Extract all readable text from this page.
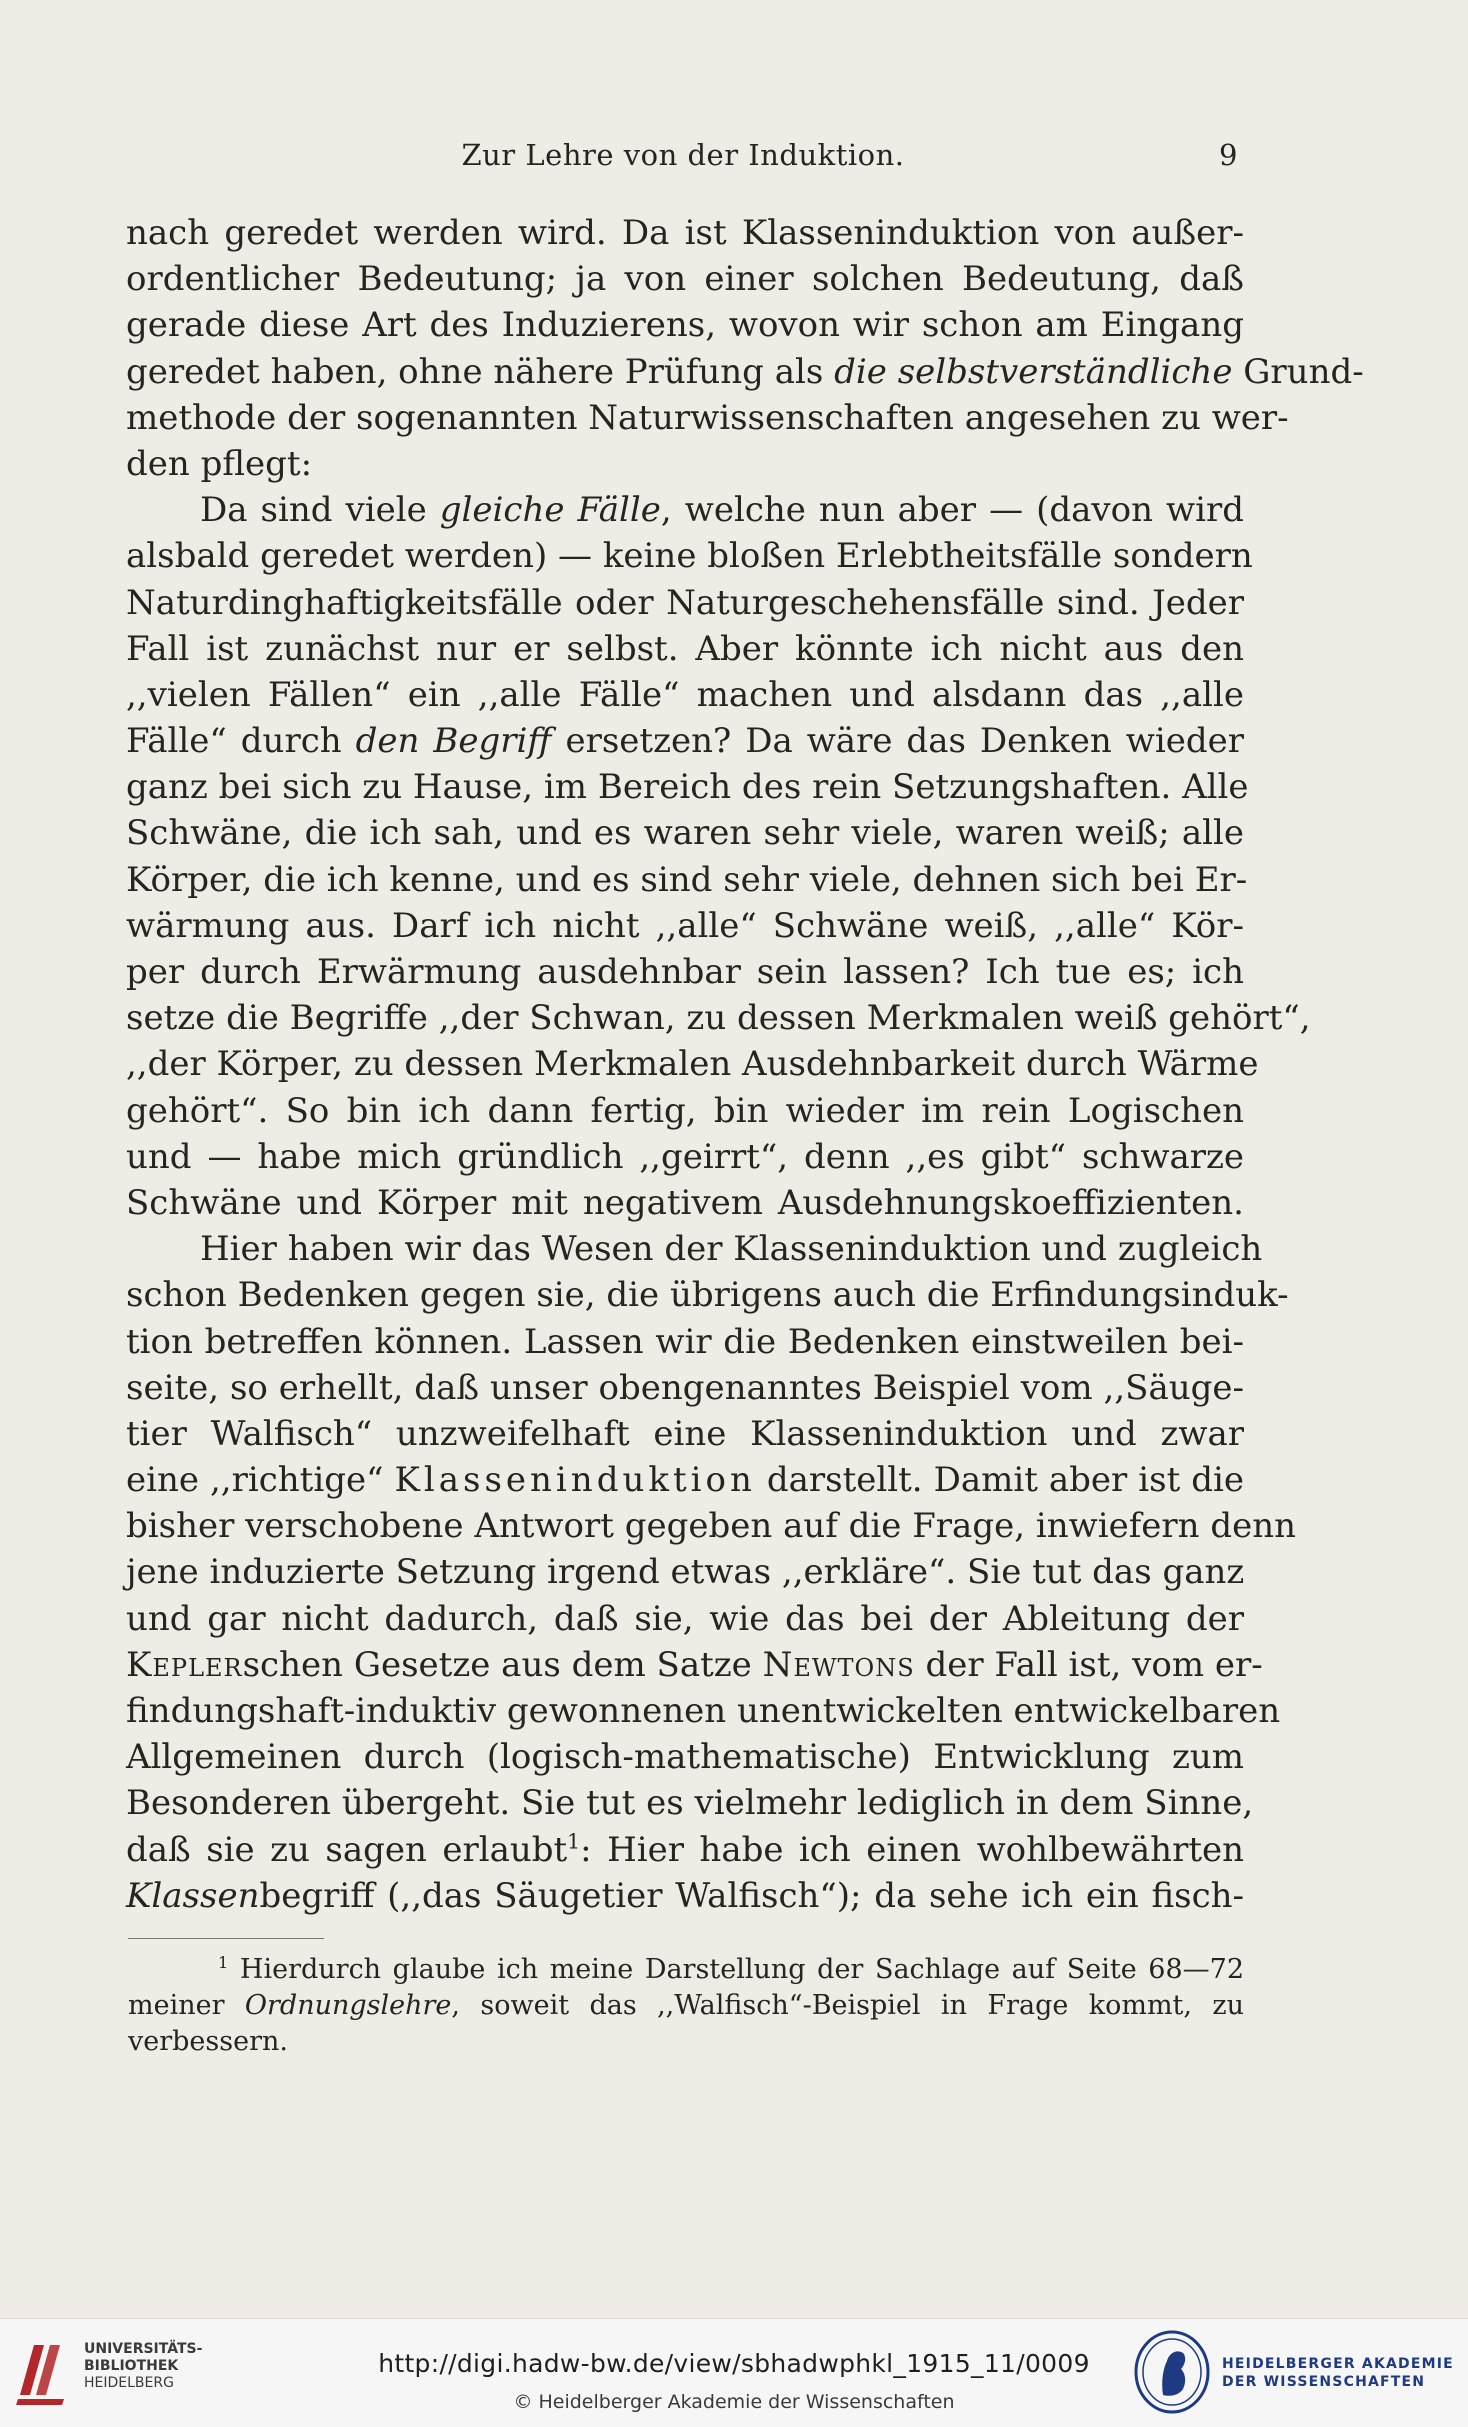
Zur Lehre von der Induktion.	9
nach geredet werden wird. Da ist Klasseninduktion von außer-
ordentlicher Bedeutung; ja von einer solchen Bedeutung, daß
gerade diese Art des Induzierens, wovon wir schon am Eingang
geredet haben, ohne nähere Prüfung als die selbstverständliche Grund-
methode der sogenannten Naturwissenschaften angesehen zu wer-
den pflegt:
Da sind viele gleiche Fälle, welche nun aber — (davon wird
alsbald geredet werden) — keine bloßen Erlebtheitsfälle sondern
Naturdinghaftigkeitsfälle oder Naturgeschehensfälle sind. Jeder
Fall ist zunächst nur er selbst. Aber könnte ich nicht aus den
,,vielen Fällen“ ein ,,alle Fälle“ machen und alsdann das ,,alle
Fälle“ durch den Begriff ersetzen? Da wäre das Denken wieder
ganz bei sich zu Hause, im Bereich des rein Setzungshaften. Alle
Schwäne, die ich sah, und es waren sehr viele, waren weiß; alle
Körper, die ich kenne, und es sind sehr viele, dehnen sich bei Er-
wärmung aus. Darf ich nicht ,,alle“ Schwäne weiß, ,,alle“ Kör-
per durch Erwärmung ausdehnbar sein lassen? Ich tue es; ich
setze die Begriffe ,,der Schwan, zu dessen Merkmalen weiß gehört“,
,,der Körper, zu dessen Merkmalen Ausdehnbarkeit durch Wärme
gehört“. So bin ich dann fertig, bin wieder im rein Logischen
und — habe mich gründlich ,,geirrt“, denn ,,es gibt“ schwarze
Schwäne und Körper mit negativem Ausdehnungskoeffizienten.
Hier haben wir das Wesen der Klasseninduktion und zugleich
schon Bedenken gegen sie, die übrigens auch die Erfindungsinduk-
tion betreffen können. Lassen wir die Bedenken einstweilen bei-
seite, so erhellt, daß unser obengenanntes Beispiel vom ,,Säuge-
tier Walfisch“ unzweifelhaft eine Klasseninduktion und zwar
eine ,,richtige“ Klasseninduktion darstellt. Damit aber ist die
bisher verschobene Antwort gegeben auf die Frage, inwiefern denn
jene induzierte Setzung irgend etwas ,,erkläre“. Sie tut das ganz
und gar nicht dadurch, daß sie, wie das bei der Ableitung der
Keplerschen Gesetze aus dem Satze Newtons der Fall ist, vom er-
findungshaft-induktiv gewonnenen unentwickelten entwickelbaren
Allgemeinen durch (logisch-mathematische) Entwicklung zum
Besonderen übergeht. Sie tut es vielmehr lediglich in dem Sinne,
daß sie zu sagen erlaubt$^1$: Hier habe ich einen wohlbewährten
Klassenbegriff (,,das Säugetier Walfisch“); da sehe ich ein fisch-
$^1$ Hierdurch glaube ich meine Darstellung der Sachlage auf Seite 68—72
meiner Ordnungslehre, soweit das ,,Walfisch“-Beispiel in Frage kommt, zu
verbessern.
UNIVERSITÄTS-
BIBLIOTHEK
HEIDELBERG
http://digi.hadw-bw.de/view/sbhadwphkl_1915_11/0009
© Heidelberger Akademie der Wissenschaften
HEIDELBERGER AKADEMIE
DER WISSENSCHAFTEN
